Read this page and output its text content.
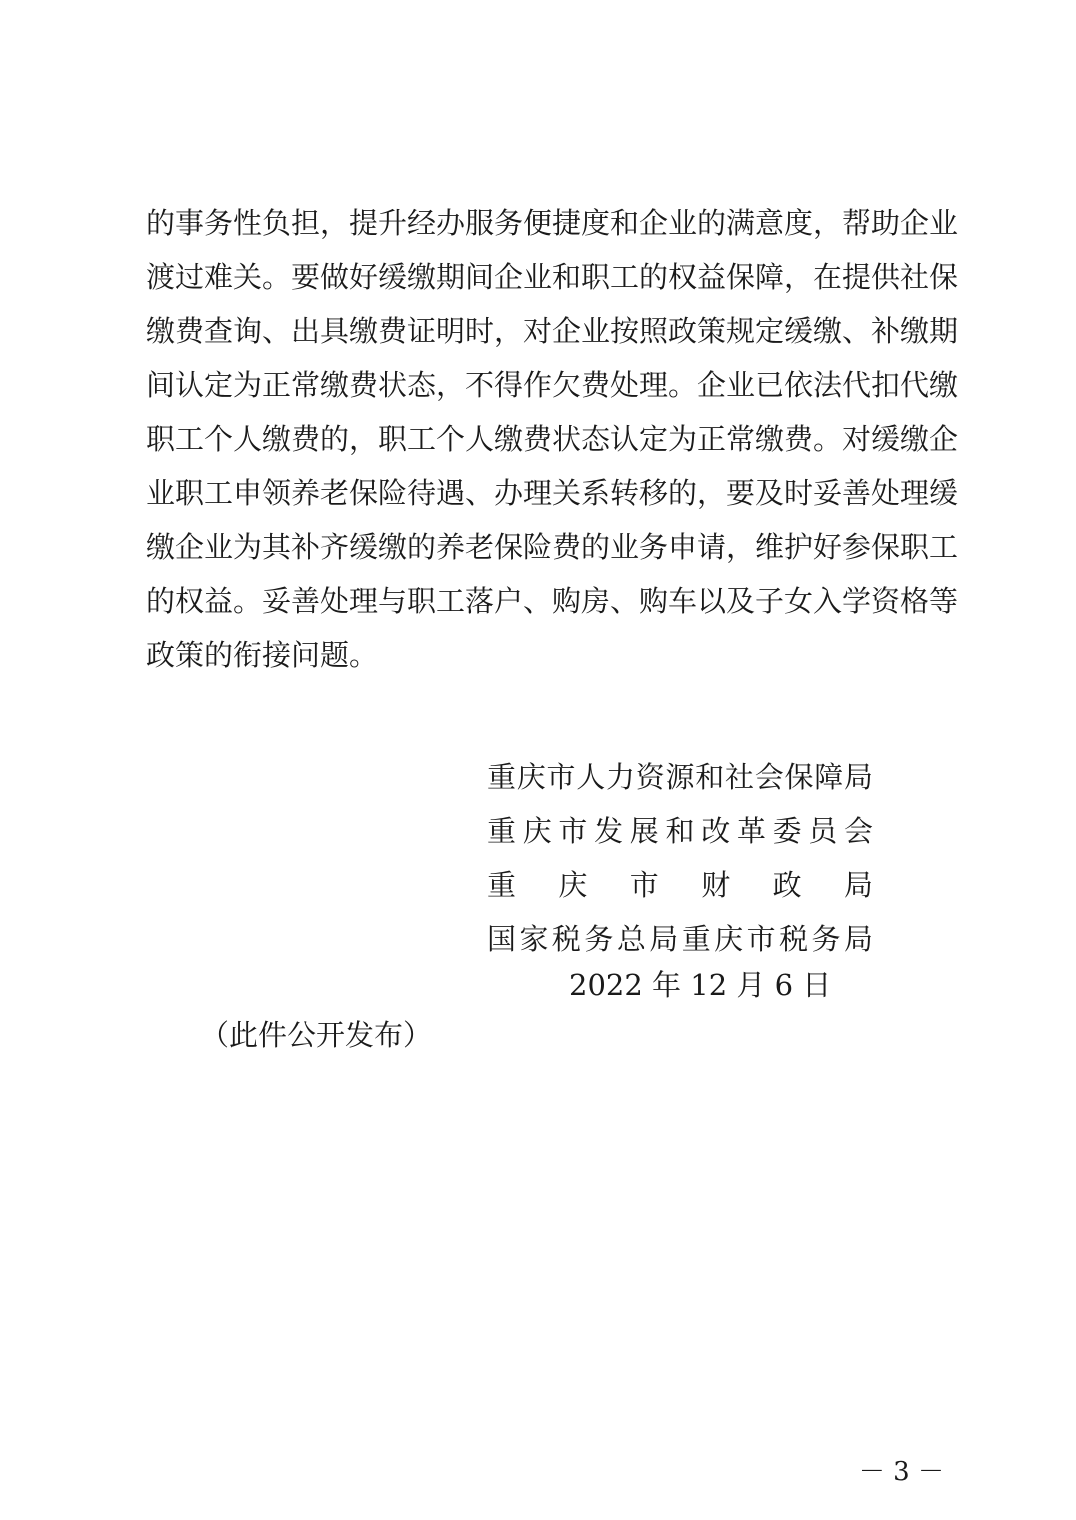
的事务性负担，提升经办服务便捷度和企业的满意度，帮助企业
渡过难关。要做好缓缴期间企业和职工的权益保障，在提供社保
缴费查询、出具缴费证明时，对企业按照政策规定缓缴、补缴期
间认定为正常缴费状态，不得作欠费处理。企业已依法代扣代缴
职工个人缴费的，职工个人缴费状态认定为正常缴费。对缓缴企
业职工申领养老保险待遇、办理关系转移的，要及时妥善处理缓
缴企业为其补齐缓缴的养老保险费的业务申请，维护好参保职工
的权益。妥善处理与职工落户、购房、购车以及子女入学资格等
政策的衔接问题。
重庆市人力资源和社会保障局
重庆市发展和改革委员会
重庆市财政局
国家税务总局重庆市税务局
2022 年 12 月 6 日
（此件公开发布）
－ 3 －
